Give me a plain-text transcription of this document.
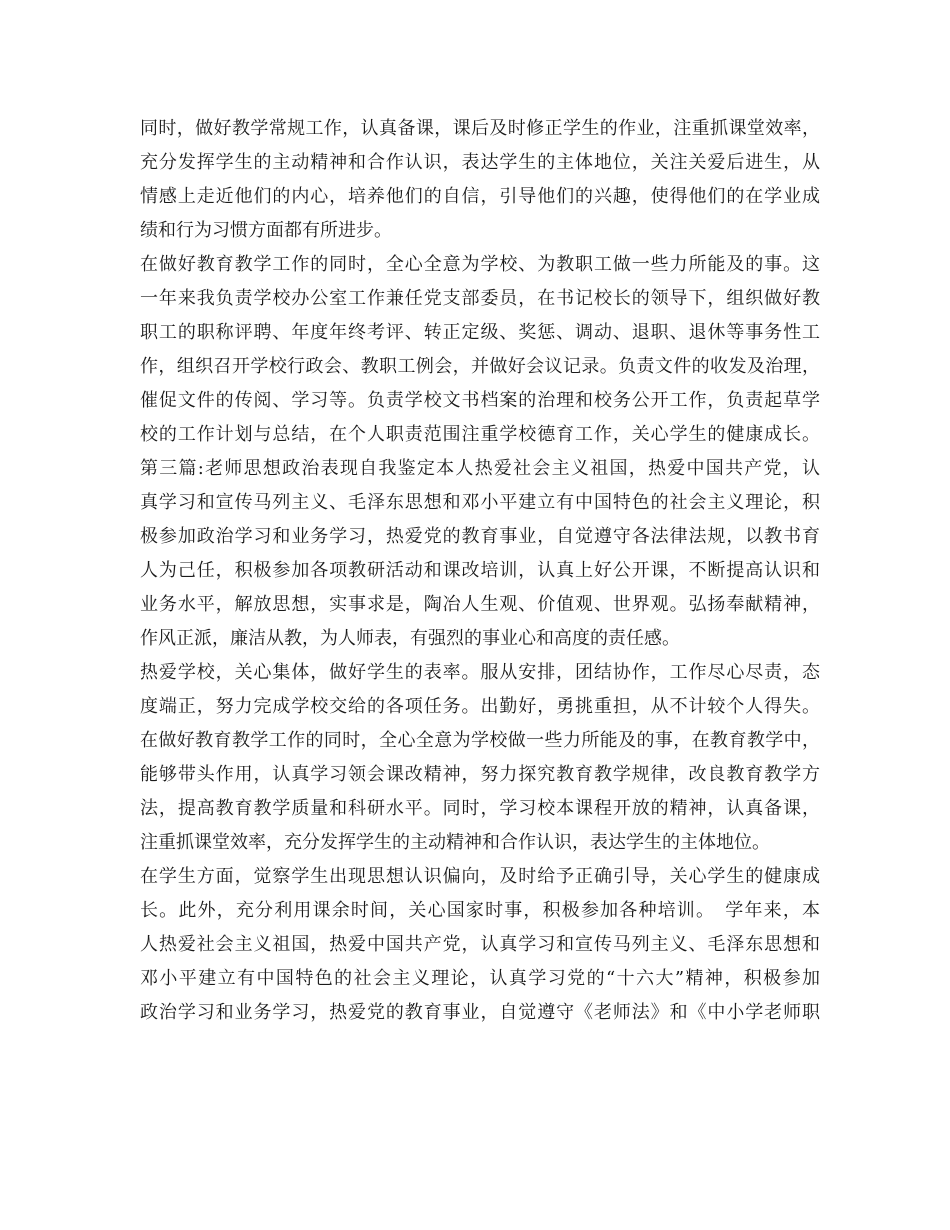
同时，做好教学常规工作，认真备课，课后及时修正学生的作业，注重抓课堂效率，
充分发挥学生的主动精神和合作认识，表达学生的主体地位，关注关爱后进生，从
情感上走近他们的内心，培养他们的自信，引导他们的兴趣，使得他们的在学业成
绩和行为习惯方面都有所进步。
在做好教育教学工作的同时，全心全意为学校、为教职工做一些力所能及的事。这
一年来我负责学校办公室工作兼任党支部委员，在书记校长的领导下，组织做好教
职工的职称评聘、年度年终考评、转正定级、奖惩、调动、退职、退休等事务性工
作，组织召开学校行政会、教职工例会，并做好会议记录。负责文件的收发及治理，
催促文件的传阅、学习等。负责学校文书档案的治理和校务公开工作，负责起草学
校的工作计划与总结，在个人职责范围注重学校德育工作，关心学生的健康成长。
第三篇:老师思想政治表现自我鉴定本人热爱社会主义祖国，热爱中国共产党，认
真学习和宣传马列主义、毛泽东思想和邓小平建立有中国特色的社会主义理论，积
极参加政治学习和业务学习，热爱党的教育事业，自觉遵守各法律法规，以教书育
人为己任，积极参加各项教研活动和课改培训，认真上好公开课，不断提高认识和
业务水平，解放思想，实事求是，陶冶人生观、价值观、世界观。弘扬奉献精神，
作风正派，廉洁从教，为人师表，有强烈的事业心和高度的责任感。
热爱学校，关心集体，做好学生的表率。服从安排，团结协作，工作尽心尽责，态
度端正，努力完成学校交给的各项任务。出勤好，勇挑重担，从不计较个人得失。
在做好教育教学工作的同时，全心全意为学校做一些力所能及的事，在教育教学中，
能够带头作用，认真学习领会课改精神，努力探究教育教学规律，改良教育教学方
法，提高教育教学质量和科研水平。同时，学习校本课程开放的精神，认真备课，
注重抓课堂效率，充分发挥学生的主动精神和合作认识，表达学生的主体地位。
在学生方面，觉察学生出现思想认识偏向，及时给予正确引导，关心学生的健康成
长。此外，充分利用课余时间，关心国家时事，积极参加各种培训。　学年来，本
人热爱社会主义祖国，热爱中国共产党，认真学习和宣传马列主义、毛泽东思想和
邓小平建立有中国特色的社会主义理论，认真学习党的“十六大”精神，积极参加
政治学习和业务学习，热爱党的教育事业，自觉遵守《老师法》和《中小学老师职
